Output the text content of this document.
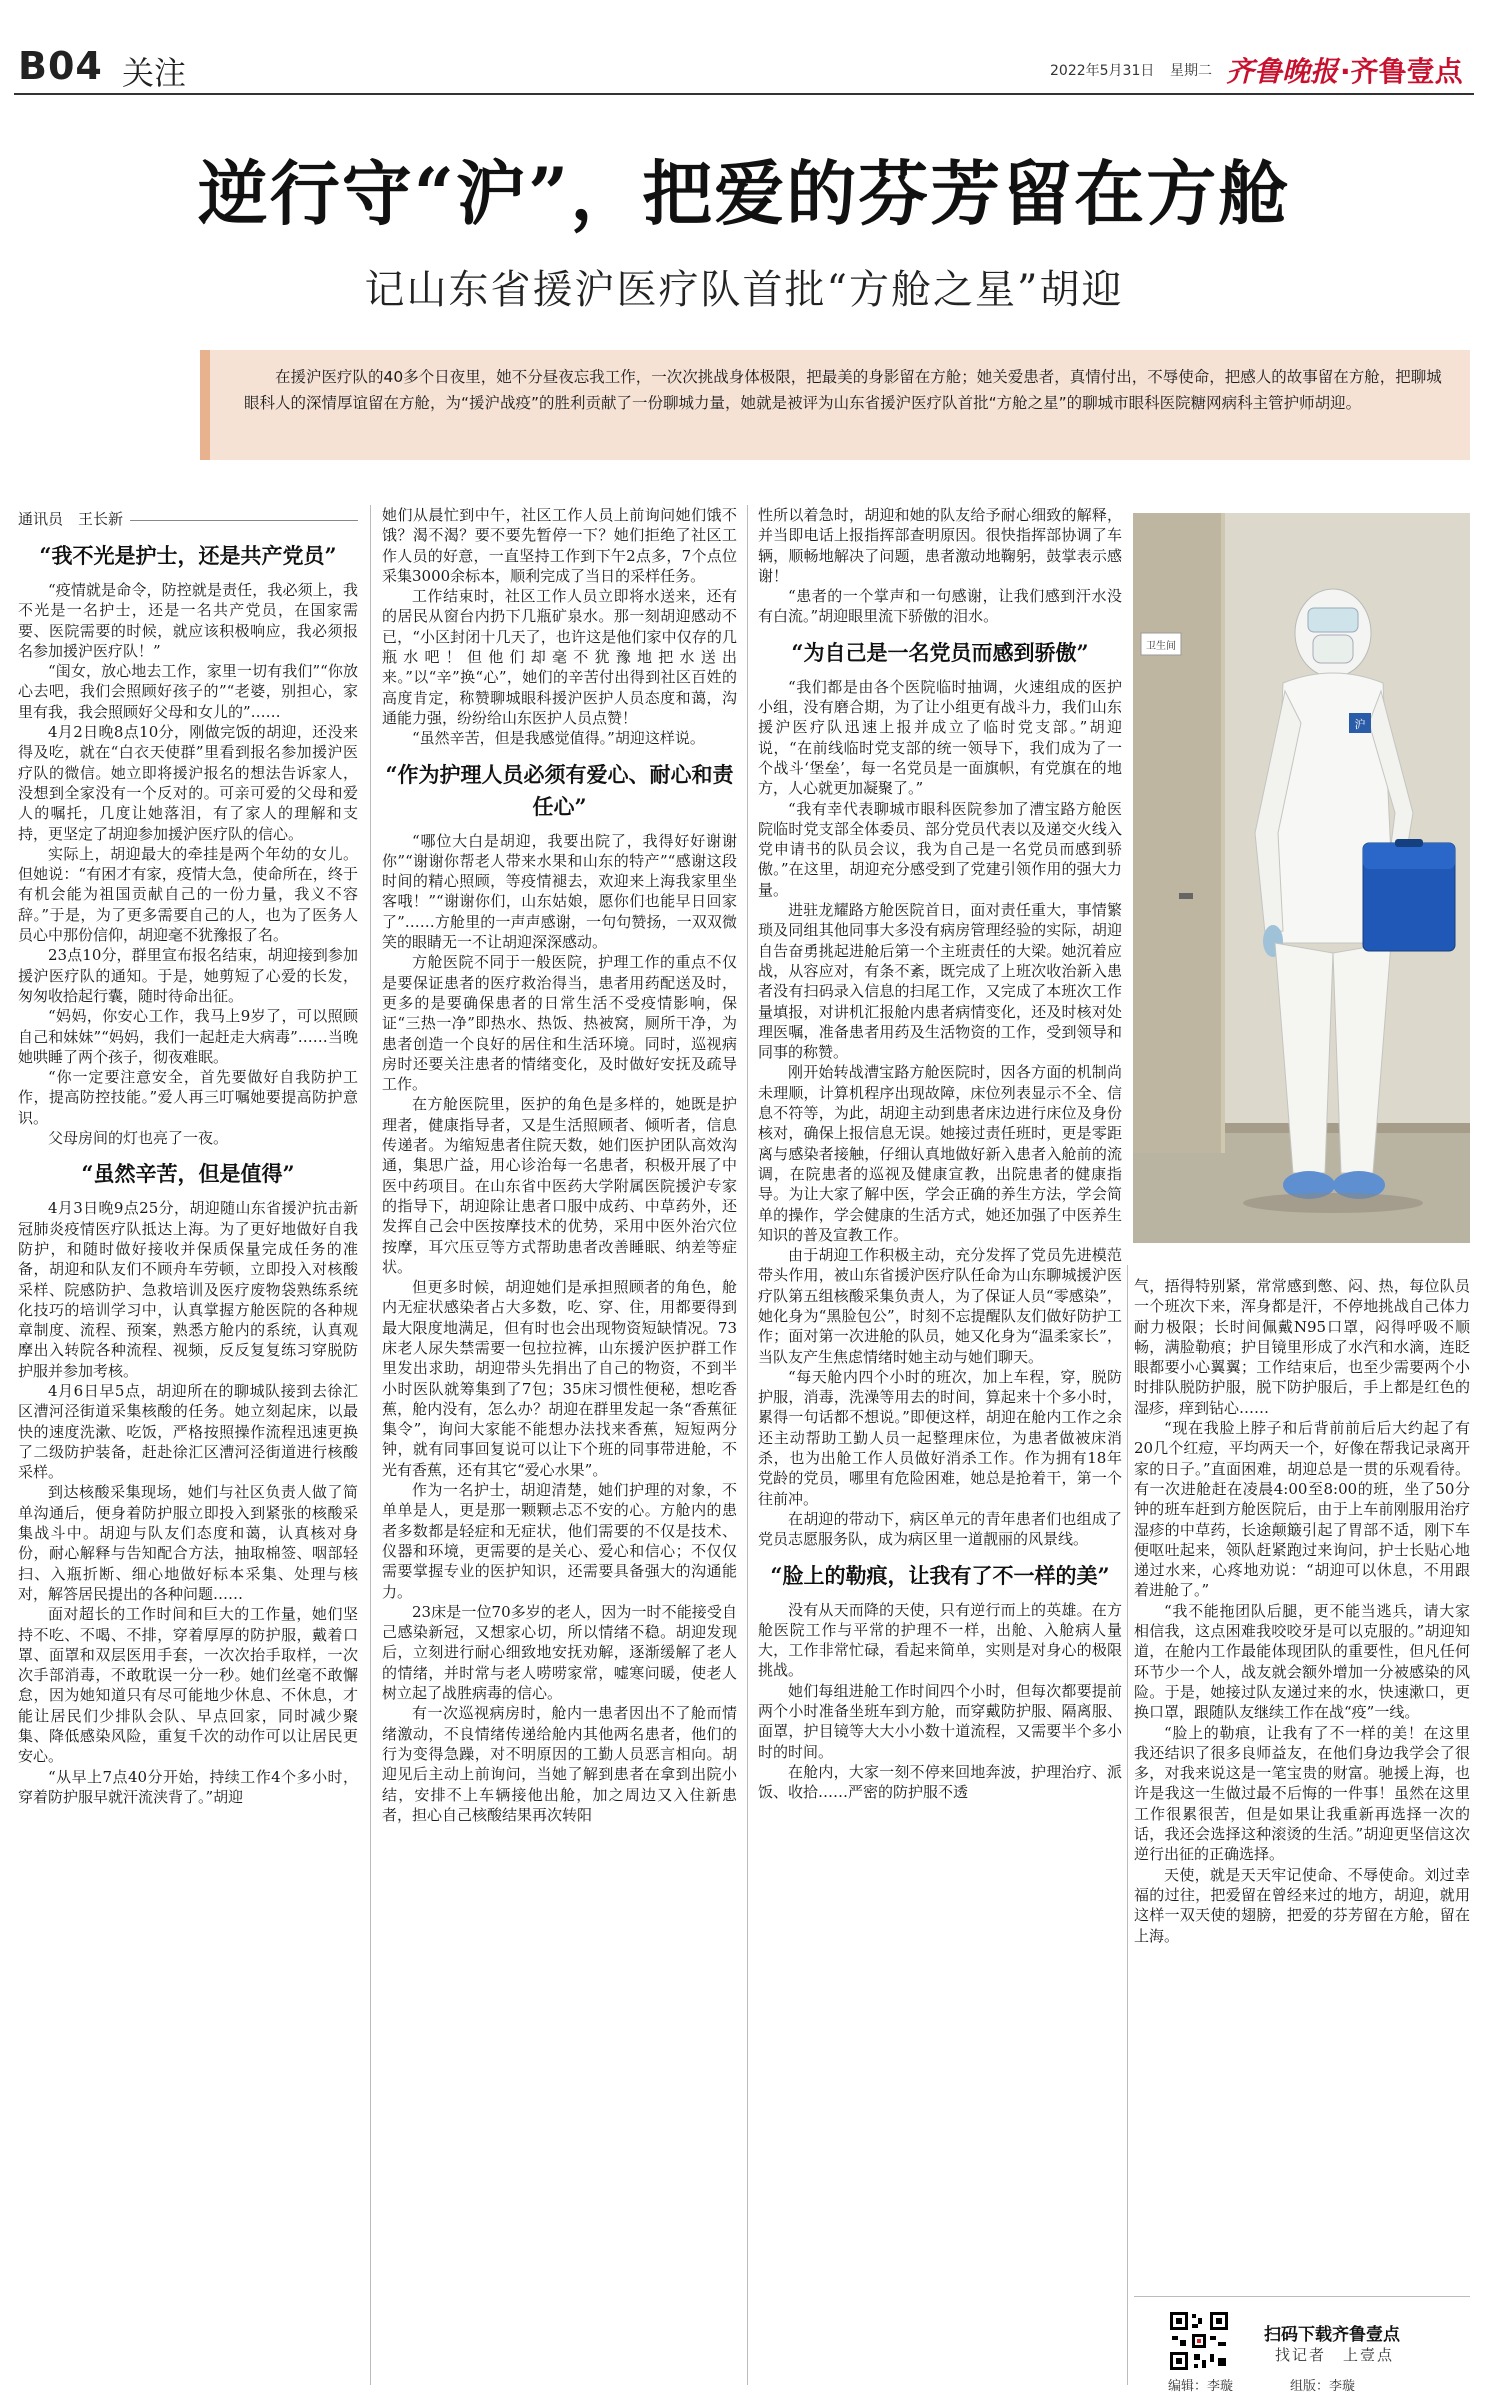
B04 关注	2022年5月31日 星期二 齐鲁晚报 ·齐鲁壹点
逆行守“沪”，把爱的芬芳留在方舱
记山东省援沪医疗队首批“方舱之星”胡迎
在援沪医疗队的40多个日夜里，她不分昼夜忘我工作，一次次挑战身体极限，把最美的身影留在方舱；她关爱患者，真情付出，不辱使命，把感人的故事留在方舱，把聊城眼科人的深情厚谊留在方舱，为“援沪战疫”的胜利贡献了一份聊城力量，她就是被评为山东省援沪医疗队首批“方舱之星”的聊城市眼科医院糖网病科主管护师胡迎。
通讯员　王长新
“我不光是护士，还是共产党员”

“疫情就是命令，防控就是责任，我必须上，我不光是一名护士，还是一名共产党员，在国家需要、医院需要的时候，就应该积极响应，我必须报名参加援沪医疗队！”

“闺女，放心地去工作，家里一切有我们”“你放心去吧，我们会照顾好孩子的”“老婆，别担心，家里有我，我会照顾好父母和女儿的”……

4月2日晚8点10分，刚做完饭的胡迎，还没来得及吃，就在“白衣天使群”里看到报名参加援沪医疗队的微信。她立即将援沪报名的想法告诉家人，没想到全家没有一个反对的。可亲可爱的父母和爱人的嘱托，几度让她落泪，有了家人的理解和支持，更坚定了胡迎参加援沪医疗队的信心。

实际上，胡迎最大的牵挂是两个年幼的女儿。但她说：“有困才有家，疫情大急，使命所在，终于有机会能为祖国贡献自己的一份力量，我义不容辞。”于是，为了更多需要自己的人，也为了医务人员心中那份信仰，胡迎毫不犹豫报了名。

23点10分，群里宣布报名结束，胡迎接到参加援沪医疗队的通知。于是，她剪短了心爱的长发，匆匆收拾起行囊，随时待命出征。

“妈妈，你安心工作，我马上9岁了，可以照顾自己和妹妹”“妈妈，我们一起赶走大病毒”……当晚她哄睡了两个孩子，彻夜难眠。

“你一定要注意安全，首先要做好自我防护工作，提高防控技能。”爱人再三叮嘱她要提高防护意识。

父母房间的灯也亮了一夜。

“虽然辛苦，但是值得”

4月3日晚9点25分，胡迎随山东省援沪抗击新冠肺炎疫情医疗队抵达上海。为了更好地做好自我防护，和随时做好接收并保质保量完成任务的准备，胡迎和队友们不顾舟车劳顿，立即投入对核酸采样、院感防护、急救培训及医疗废物袋熟练系统化技巧的培训学习中，认真掌握方舱医院的各种规章制度、流程、预案，熟悉方舱内的系统，认真观摩出入转院各种流程、视频，反反复复练习穿脱防护服并参加考核。

4月6日早5点，胡迎所在的聊城队接到去徐汇区漕河泾街道采集核酸的任务。她立刻起床，以最快的速度洗漱、吃饭，严格按照操作流程迅速更换了二级防护装备，赶赴徐汇区漕河泾街道进行核酸采样。

到达核酸采集现场，她们与社区负责人做了简单沟通后，便身着防护服立即投入到紧张的核酸采集战斗中。胡迎与队友们态度和蔼，认真核对身份，耐心解释与告知配合方法，抽取棉签、咽部轻扫、入瓶折断、细心地做好标本采集、处理与核对，解答居民提出的各种问题……

面对超长的工作时间和巨大的工作量，她们坚持不吃、不喝、不排，穿着厚厚的防护服，戴着口罩、面罩和双层医用手套，一次次抬手取样，一次次手部消毒，不敢耽误一分一秒。她们丝毫不敢懈怠，因为她知道只有尽可能地少休息、不休息，才能让居民们少排队会队、早点回家，同时减少聚集、降低感染风险，重复千次的动作可以让居民更安心。

“从早上7点40分开始，持续工作4个多小时，穿着防护服早就汗流浃背了。”胡迎

她们从晨忙到中午，社区工作人员上前询问她们饿不饿？渴不渴？要不要先暂停一下？她们拒绝了社区工作人员的好意，一直坚持工作到下午2点多，7个点位采集3000余标本，顺利完成了当日的采样任务。

工作结束时，社区工作人员立即将水送来，还有的居民从窗台内扔下几瓶矿泉水。那一刻胡迎感动不已，“小区封闭十几天了，也许这是他们家中仅存的几瓶水吧！但他们却毫不犹豫地把水送出来。”以“辛”换“心”，她们的辛苦付出得到社区百姓的高度肯定，称赞聊城眼科援沪医护人员态度和蔼，沟通能力强，纷纷给山东医护人员点赞！

“虽然辛苦，但是我感觉值得。”胡迎这样说。

“作为护理人员必须有爱心、耐心和责任心”

“哪位大白是胡迎，我要出院了，我得好好谢谢你”“谢谢你帮老人带来水果和山东的特产”“感谢这段时间的精心照顾，等疫情褪去，欢迎来上海我家里坐客哦！”“谢谢你们，山东姑娘，愿你们也能早日回家了”……方舱里的一声声感谢，一句句赞扬，一双双微笑的眼睛无一不让胡迎深深感动。

方舱医院不同于一般医院，护理工作的重点不仅是要保证患者的医疗救治得当，患者用药配送及时，更多的是要确保患者的日常生活不受疫情影响，保证“三热一净”即热水、热饭、热被窝，厕所干净，为患者创造一个良好的居住和生活环境。同时，巡视病房时还要关注患者的情绪变化，及时做好安抚及疏导工作。

在方舱医院里，医护的角色是多样的，她既是护理者，健康指导者，又是生活照顾者、倾听者，信息传递者。为缩短患者住院天数，她们医护团队高效沟通，集思广益，用心诊治每一名患者，积极开展了中医中药项目。在山东省中医药大学附属医院援沪专家的指导下，胡迎除让患者口服中成药、中草药外，还发挥自己会中医按摩技术的优势，采用中医外治穴位按摩，耳穴压豆等方式帮助患者改善睡眠、纳差等症状。

但更多时候，胡迎她们是承担照顾者的角色，舱内无症状感染者占大多数，吃、穿、住，用都要得到最大限度地满足，但有时也会出现物资短缺情况。73床老人尿失禁需要一包拉拉裤，山东援沪医护群工作里发出求助，胡迎带头先捐出了自己的物资，不到半小时医队就筹集到了7包；35床习惯性便秘，想吃香蕉，舱内没有，怎么办？胡迎在群里发起一条“香蕉征集令”，询问大家能不能想办法找来香蕉，短短两分钟，就有同事回复说可以让下个班的同事带进舱，不光有香蕉，还有其它“爱心水果”。

作为一名护士，胡迎清楚，她们护理的对象，不单单是人，更是那一颗颗忐忑不安的心。方舱内的患者多数都是轻症和无症状，他们需要的不仅是技术、仪器和环境，更需要的是关心、爱心和信心；不仅仅需要掌握专业的医护知识，还需要具备强大的沟通能力。

23床是一位70多岁的老人，因为一时不能接受自己感染新冠，又想家心切，所以情绪不稳。胡迎发现后，立刻进行耐心细致地安抚劝解，逐渐缓解了老人的情绪，并时常与老人唠唠家常，嘘寒问暖，使老人树立起了战胜病毒的信心。

有一次巡视病房时，舱内一患者因出不了舱而情绪激动，不良情绪传递给舱内其他两名患者，他们的行为变得急躁，对不明原因的工勤人员恶言相向。胡迎见后主动上前询问，当她了解到患者在拿到出院小结，安排不上车辆接他出舱，加之周边又入住新患者，担心自己核酸结果再次转阳

性所以着急时，胡迎和她的队友给予耐心细致的解释，并当即电话上报指挥部查明原因。很快指挥部协调了车辆，顺畅地解决了问题，患者激动地鞠躬，鼓掌表示感谢！

“患者的一个掌声和一句感谢，让我们感到汗水没有白流。”胡迎眼里流下骄傲的泪水。

“为自己是一名党员而感到骄傲”

“我们都是由各个医院临时抽调，火速组成的医护小组，没有磨合期，为了让小组更有战斗力，我们山东援沪医疗队迅速上报并成立了临时党支部。”胡迎说，“在前线临时党支部的统一领导下，我们成为了一个战斗‘堡垒’，每一名党员是一面旗帜，有党旗在的地方，人心就更加凝聚了。”

“我有幸代表聊城市眼科医院参加了漕宝路方舱医院临时党支部全体委员、部分党员代表以及递交火线入党申请书的队员会议，我为自己是一名党员而感到骄傲。”在这里，胡迎充分感受到了党建引领作用的强大力量。

进驻龙耀路方舱医院首日，面对责任重大，事情繁琐及同组其他同事大多没有病房管理经验的实际，胡迎自告奋勇挑起进舱后第一个主班责任的大梁。她沉着应战，从容应对，有条不紊，既完成了上班次收治新入患者没有扫码录入信息的扫尾工作，又完成了本班次工作量填报，对讲机汇报舱内患者病情变化，还及时核对处理医嘱，准备患者用药及生活物资的工作，受到领导和同事的称赞。

刚开始转战漕宝路方舱医院时，因各方面的机制尚未理顺，计算机程序出现故障，床位列表显示不全、信息不符等，为此，胡迎主动到患者床边进行床位及身份核对，确保上报信息无误。她接过责任班时，更是零距离与感染者接触，仔细认真地做好新入患者入舱前的流调，在院患者的巡视及健康宣教，出院患者的健康指导。为让大家了解中医，学会正确的养生方法，学会简单的操作，学会健康的生活方式，她还加强了中医养生知识的普及宣教工作。

由于胡迎工作积极主动，充分发挥了党员先进模范带头作用，被山东省援沪医疗队任命为山东聊城援沪医疗队第五组核酸采集负责人，为了保证人员“零感染”，她化身为“黑脸包公”，时刻不忘提醒队友们做好防护工作；面对第一次进舱的队员，她又化身为“温柔家长”，当队友产生焦虑情绪时她主动与她们聊天。

“每天舱内四个小时的班次，加上车程，穿，脱防护服，消毒，洗澡等用去的时间，算起来十个多小时，累得一句话都不想说。”即便这样，胡迎在舱内工作之余还主动帮助工勤人员一起整理床位，为患者做被床消杀，也为出舱工作人员做好消杀工作。作为拥有18年党龄的党员，哪里有危险困难，她总是抢着干，第一个往前冲。

在胡迎的带动下，病区单元的青年患者们也组成了党员志愿服务队，成为病区里一道靓丽的风景线。

“脸上的勒痕，让我有了不一样的美”

没有从天而降的天使，只有逆行而上的英雄。在方舱医院工作与平常的护理不一样，出舱、入舱病人量大，工作非常忙碌，看起来简单，实则是对身心的极限挑战。

她们每组进舱工作时间四个小时，但每次都要提前两个小时准备坐班车到方舱，而穿戴防护服、隔离服、面罩，护目镜等大大小小数十道流程，又需要半个多小时的时间。

在舱内，大家一刻不停来回地奔波，护理治疗、派饭、收拾……严密的防护服不透

卫生间
沪

气，捂得特别紧，常常感到憋、闷、热，每位队员一个班次下来，浑身都是汗，不停地挑战自己体力耐力极限；长时间佩戴N95口罩，闷得呼吸不顺畅，满脸勒痕；护目镜里形成了水汽和水滴，连眨眼都要小心翼翼；工作结束后，也至少需要两个小时排队脱防护服，脱下防护服后，手上都是红色的湿疹，痒到钻心……

“现在我脸上脖子和后背前前后后大约起了有20几个红痘，平均两天一个，好像在帮我记录离开家的日子。”直面困难，胡迎总是一贯的乐观看待。有一次进舱赶在凌晨4:00至8:00的班，坐了50分钟的班车赶到方舱医院后，由于上车前刚服用治疗湿疹的中草药，长途颠簸引起了胃部不适，刚下车便呕吐起来，领队赶紧跑过来询问，护士长贴心地递过水来，心疼地劝说：“胡迎可以休息，不用跟着进舱了。”

“我不能拖团队后腿，更不能当逃兵，请大家相信我，这点困难我咬咬牙是可以克服的。”胡迎知道，在舱内工作最能体现团队的重要性，但凡任何环节少一个人，战友就会额外增加一分被感染的风险。于是，她接过队友递过来的水，快速漱口，更换口罩，跟随队友继续工作在战“疫”一线。

“脸上的勒痕，让我有了不一样的美！在这里我还结识了很多良师益友，在他们身边我学会了很多，对我来说这是一笔宝贵的财富。驰援上海，也许是我这一生做过最不后悔的一件事！虽然在这里工作很累很苦，但是如果让我重新再选择一次的话，我还会选择这种滚烫的生活。”胡迎更坚信这次逆行出征的正确选择。

天使，就是天天牢记使命、不辱使命。刘过幸福的过往，把爱留在曾经来过的地方，胡迎，就用这样一双天使的翅膀，把爱的芬芳留在方舱，留在上海。

扫码下载齐鲁壹点
找记者　上壹点
编辑：李璇	组版：李璇
